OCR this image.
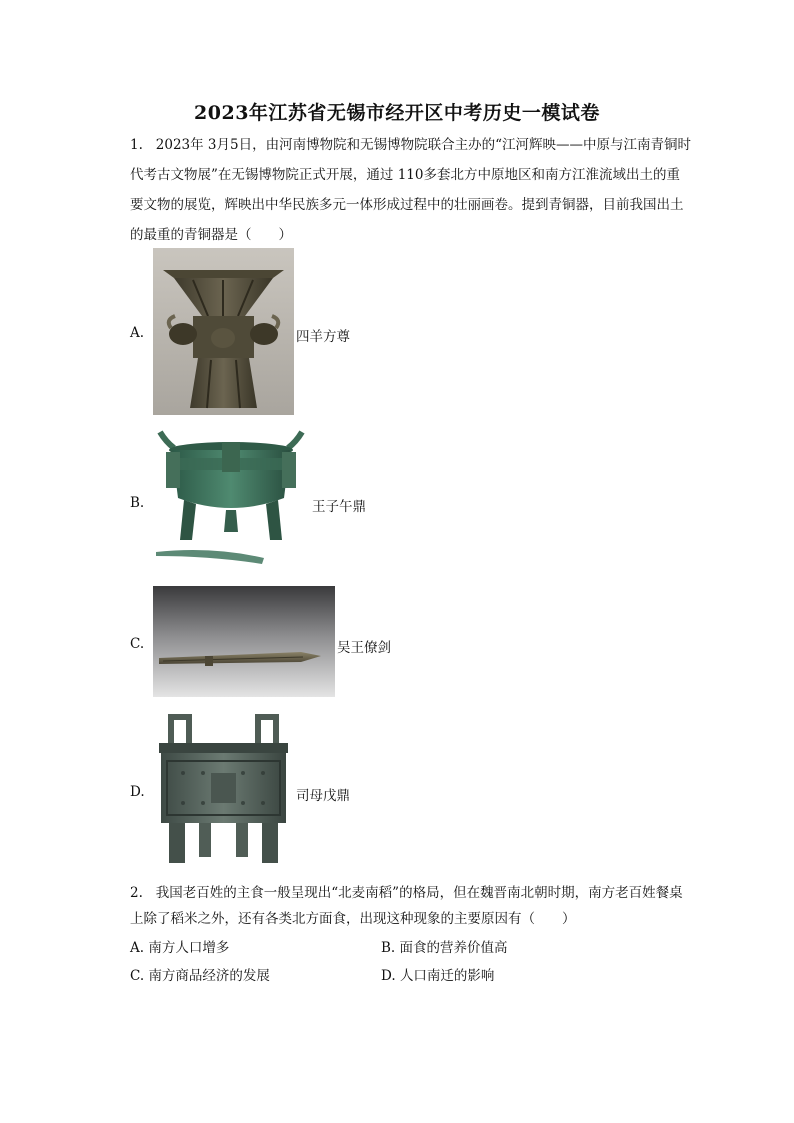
2023年江苏省无锡市经开区中考历史一模试卷
1. 2023年 3月5日，由河南博物院和无锡博物院联合主办的“江河辉映——中原与江南青铜时代考古文物展”在无锡博物院正式开展，通过 110多套北方中原地区和南方江淮流域出土的重要文物的展览，辉映出中华民族多元一体形成过程中的壮丽画卷。提到青铜器，目前我国出土的最重的青铜器是（　　）
A.	四羊方尊
B.	王子午鼎
C.	吴王僚剑
D.	司母戊鼎
2. 我国老百姓的主食一般呈现出“北麦南稻”的格局，但在魏晋南北朝时期，南方老百姓餐桌上除了稻米之外，还有各类北方面食，出现这种现象的主要原因有（　　）
A. 南方人口增多	B. 面食的营养价值高
C. 南方商品经济的发展	D. 人口南迁的影响
